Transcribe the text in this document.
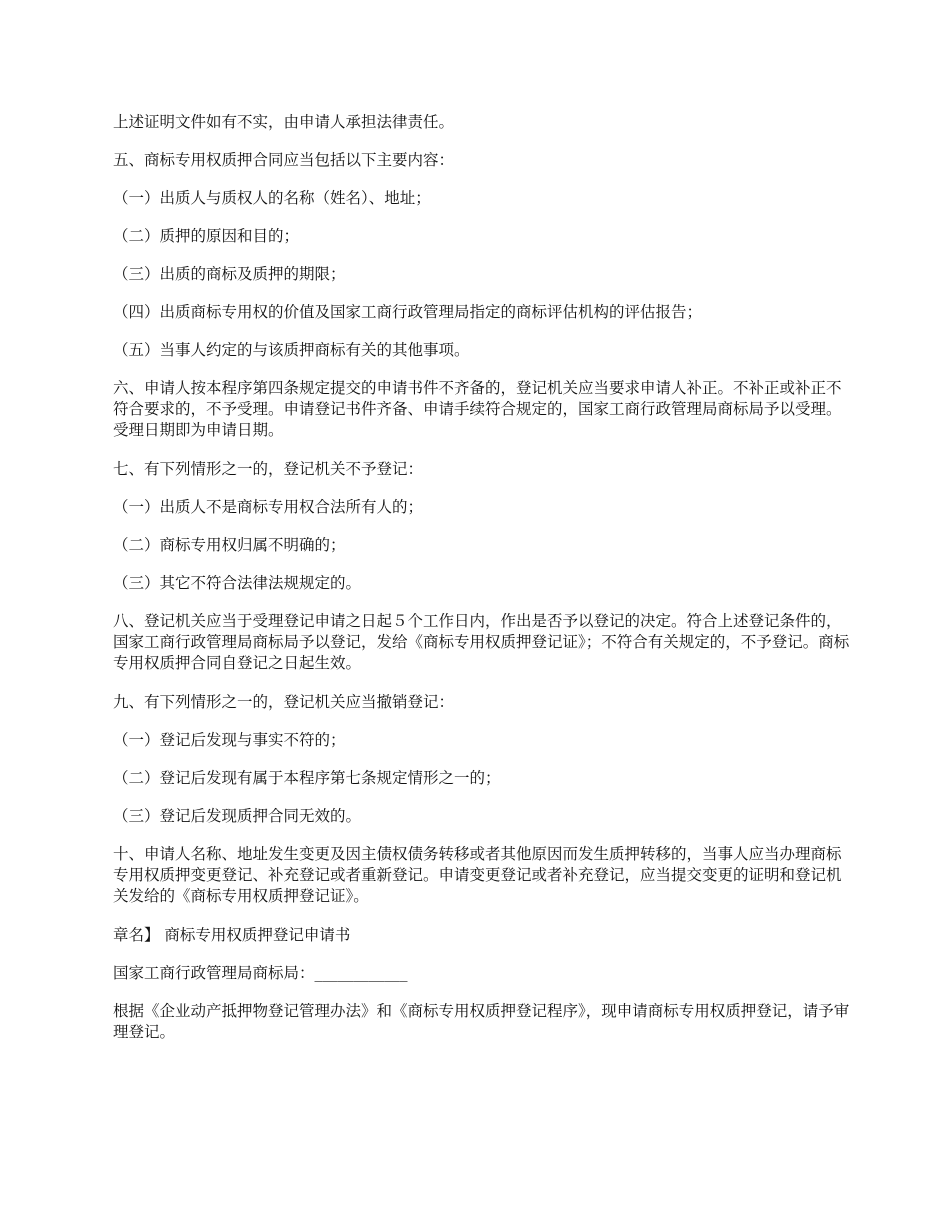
上述证明文件如有不实，由申请人承担法律责任。

五、商标专用权质押合同应当包括以下主要内容：

（一）出质人与质权人的名称（姓名）、地址；

（二）质押的原因和目的；

（三）出质的商标及质押的期限；

（四）出质商标专用权的价值及国家工商行政管理局指定的商标评估机构的评估报告；

（五）当事人约定的与该质押商标有关的其他事项。

六、申请人按本程序第四条规定提交的申请书件不齐备的，登记机关应当要求申请人补正。不补正或补正不符合要求的，不予受理。申请登记书件齐备、申请手续符合规定的，国家工商行政管理局商标局予以受理。受理日期即为申请日期。

七、有下列情形之一的，登记机关不予登记：

（一）出质人不是商标专用权合法所有人的；

（二）商标专用权归属不明确的；

（三）其它不符合法律法规规定的。

八、登记机关应当于受理登记申请之日起５个工作日内，作出是否予以登记的决定。符合上述登记条件的，国家工商行政管理局商标局予以登记，发给《商标专用权质押登记证》；不符合有关规定的，不予登记。商标专用权质押合同自登记之日起生效。

九、有下列情形之一的，登记机关应当撤销登记：

（一）登记后发现与事实不符的；

（二）登记后发现有属于本程序第七条规定情形之一的；

（三）登记后发现质押合同无效的。

十、申请人名称、地址发生变更及因主债权债务转移或者其他原因而发生质押转移的，当事人应当办理商标专用权质押变更登记、补充登记或者重新登记。申请变更登记或者补充登记，应当提交变更的证明和登记机关发给的《商标专用权质押登记证》。

章名】 商标专用权质押登记申请书

国家工商行政管理局商标局：____________

根据《企业动产抵押物登记管理办法》和《商标专用权质押登记程序》，现申请商标专用权质押登记，请予审理登记。
